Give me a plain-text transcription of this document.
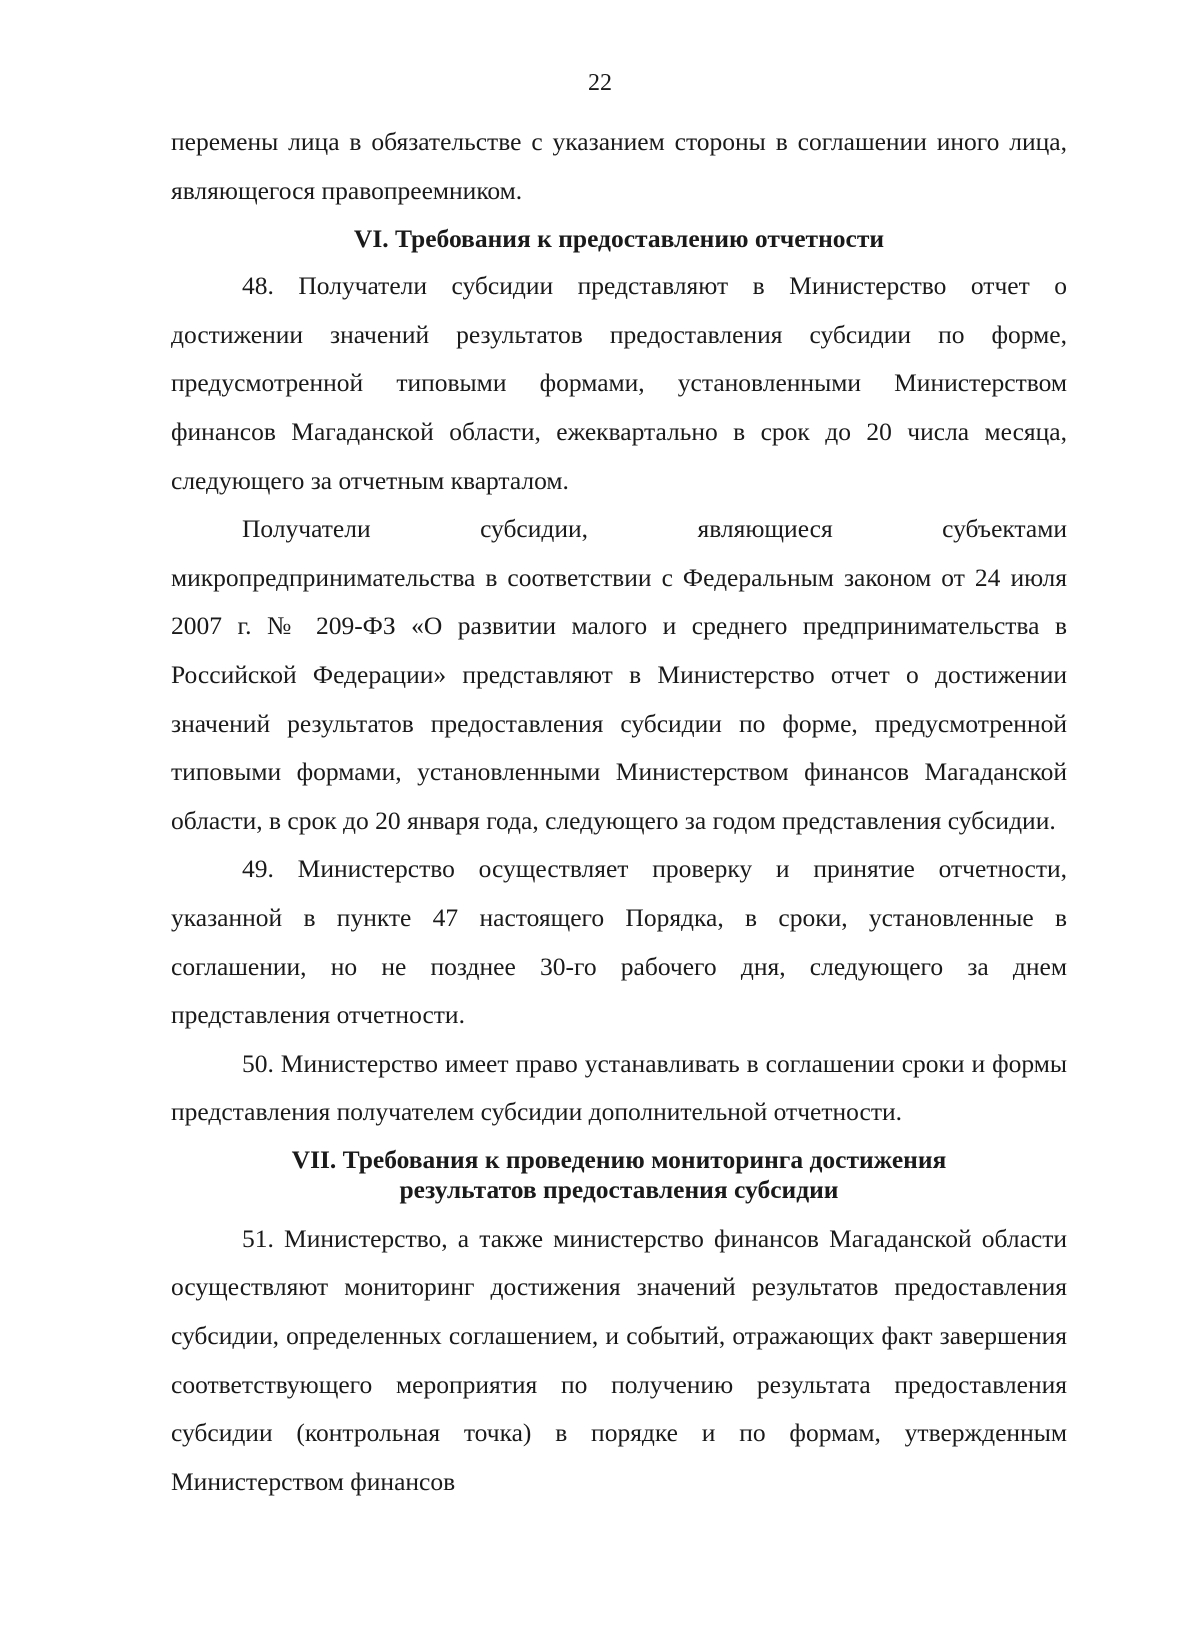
22

перемены лица в обязательстве с указанием стороны в соглашении иного лица, являющегося правопреемником.

VI. Требования к предоставлению отчетности

48. Получатели субсидии представляют в Министерство отчет о достижении значений результатов предоставления субсидии по форме, предусмотренной типовыми формами, установленными Министерством финансов Магаданской области, ежеквартально в срок до 20 числа месяца, следующего за отчетным кварталом.

Получатели субсидии, являющиеся субъектами микропредпринимательства в соответствии с Федеральным законом от 24 июля 2007 г. № 209-ФЗ «О развитии малого и среднего предпринимательства в Российской Федерации» представляют в Министерство отчет о достижении значений результатов предоставления субсидии по форме, предусмотренной типовыми формами, установленными Министерством финансов Магаданской области, в срок до 20 января года, следующего за годом представления субсидии.

49. Министерство осуществляет проверку и принятие отчетности, указанной в пункте 47 настоящего Порядка, в сроки, установленные в соглашении, но не позднее 30-го рабочего дня, следующего за днем представления отчетности.

50. Министерство имеет право устанавливать в соглашении сроки и формы представления получателем субсидии дополнительной отчетности.

VII. Требования к проведению мониторинга достижения
результатов предоставления субсидии

51. Министерство, а также министерство финансов Магаданской области осуществляют мониторинг достижения значений результатов предоставления субсидии, определенных соглашением, и событий, отражающих факт завершения соответствующего мероприятия по получению результата предоставления субсидии (контрольная точка) в порядке и по формам, утвержденным Министерством финансов
